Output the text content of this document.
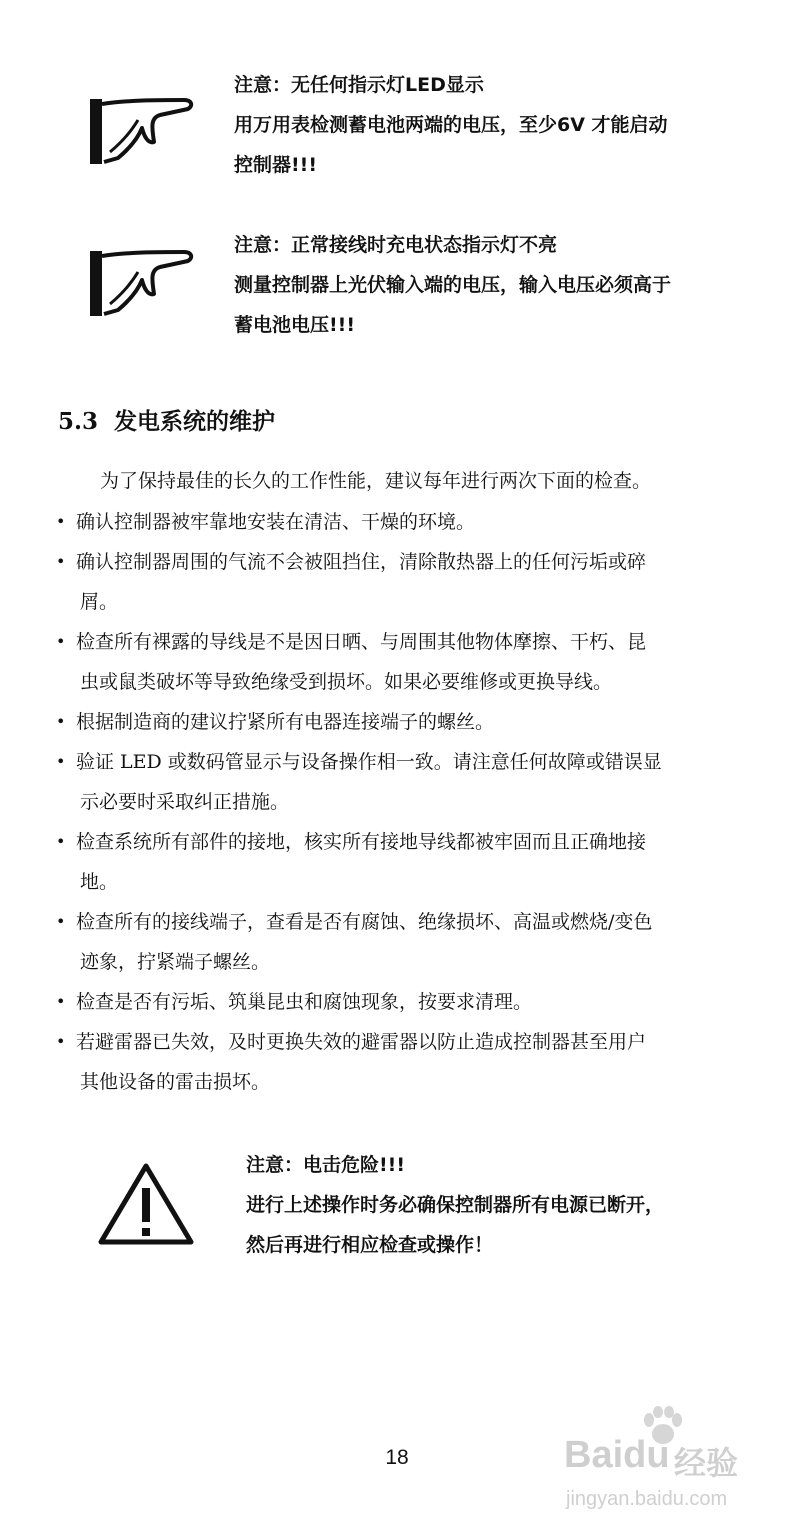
注意：无任何指示灯LED显示
用万用表检测蓄电池两端的电压，至少6V 才能启动
控制器!!!
注意：正常接线时充电状态指示灯不亮
测量控制器上光伏输入端的电压，输入电压必须高于
蓄电池电压!!!
5.3 发电系统的维护
为了保持最佳的长久的工作性能，建议每年进行两次下面的检查。
• 确认控制器被牢靠地安装在清洁、干燥的环境。
• 确认控制器周围的气流不会被阻挡住，清除散热器上的任何污垢或碎
屑。
• 检查所有裸露的导线是不是因日晒、与周围其他物体摩擦、干朽、昆
虫或鼠类破坏等导致绝缘受到损坏。如果必要维修或更换导线。
• 根据制造商的建议拧紧所有电器连接端子的螺丝。
• 验证 LED 或数码管显示与设备操作相一致。请注意任何故障或错误显
示必要时采取纠正措施。
• 检查系统所有部件的接地，核实所有接地导线都被牢固而且正确地接
地。
• 检查所有的接线端子，查看是否有腐蚀、绝缘损坏、高温或燃烧/变色
迹象，拧紧端子螺丝。
• 检查是否有污垢、筑巢昆虫和腐蚀现象，按要求清理。
• 若避雷器已失效，及时更换失效的避雷器以防止造成控制器甚至用户
其他设备的雷击损坏。
注意：电击危险!!!
进行上述操作时务必确保控制器所有电源已断开，
然后再进行相应检查或操作！
18	Baidu 经验
jingyan.baidu.com
